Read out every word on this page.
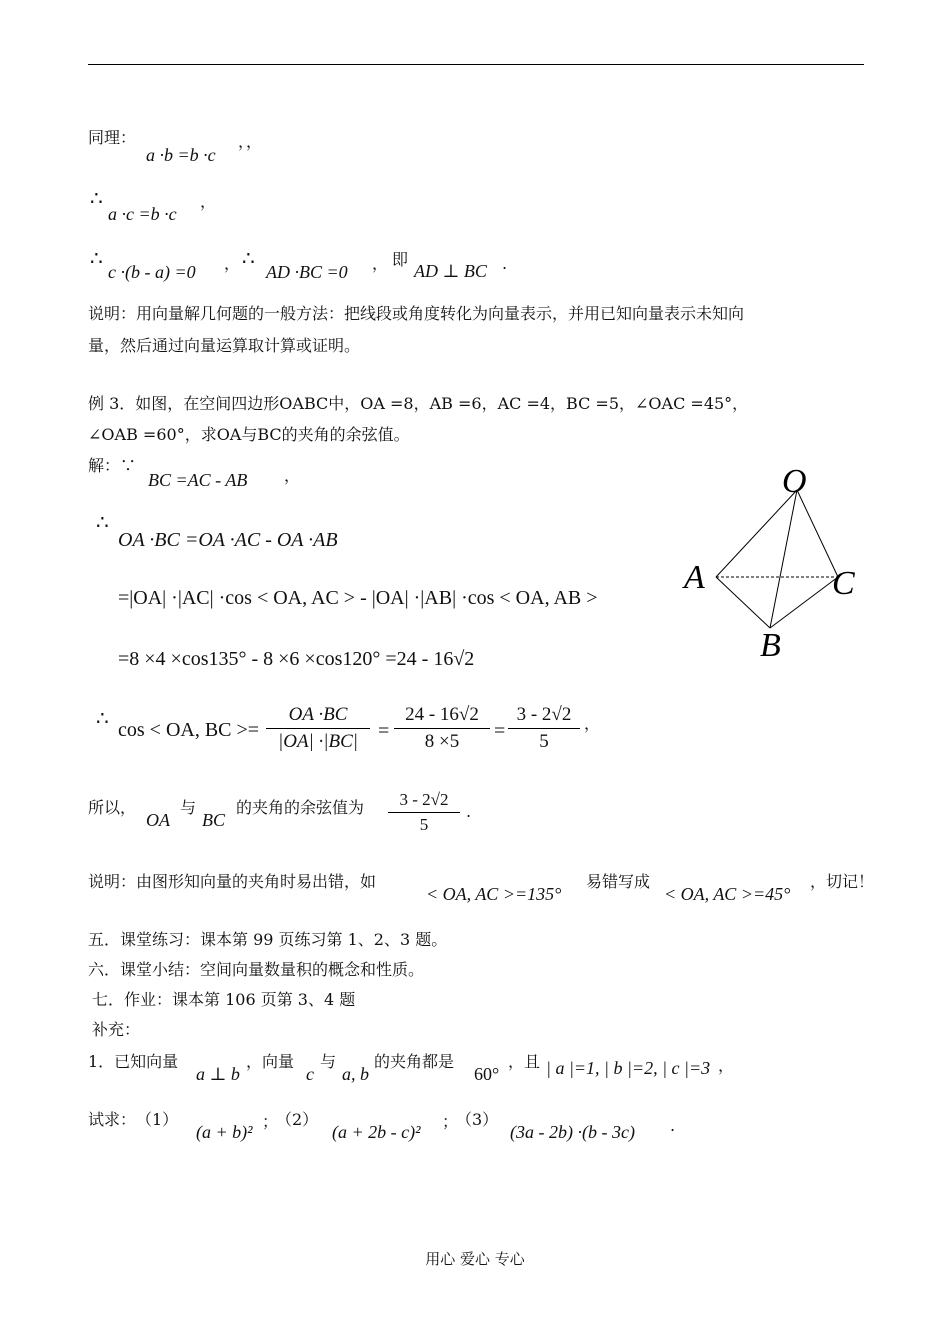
同理：
a ·b =b ·c
，，
∴
a ·c =b ·c
，
∴
c ·(b - a) =0 ， ∴
AD ·BC =0 ， 即
AD ⊥ BC .
说明：用向量解几何题的一般方法：把线段或角度转化为向量表示，并用已知向量表示未知向
量，然后通过向量运算取计算或证明。
例 3．如图，在空间四边形OABC中，OA =8，AB =6，AC =4，BC =5，∠OAC =45°，
∠OAB =60°，求OA与BC的夹角的余弦值。
解：∵
BC =AC - AB ，
∴
OA ·BC =OA ·AC - OA ·AB
=|OA| ·|AC| ·cos < OA, AC > - |OA| ·|AB| ·cos < OA, AB >
=8 ×4 ×cos135° - 8 ×6 ×cos120° =24 - 16√2
∴ cos < OA, BC >= $\frac{OA \cdot BC}{|OA| \cdot|BC|} = \frac{24 - 16√2}{8 \times 5} = \frac{3 - 2√2}{5}$ ，
O
A	C
B
所以，
OA
与
BC
的夹角的余弦值为 $\frac{3 - 2√2}{5}$ .
说明：由图形知向量的夹角时易出错，如
< OA, AC >=135°
易错写成
< OA, AC >=45°
，切记！
五．课堂练习：课本第 99 页练习第 1、2、3 题。
六．课堂小结：空间向量数量积的概念和性质。
七．作业：课本第 106 页第 3、4 题
补充：
1．已知向量
a ⊥ b
，向量
c
与
a, b
的夹角都是
60°
，且 | a |=1, | b |=2, | c |=3 ，
试求： （1）
(a + b)²
；
（2）
(a + 2b - c)²
；
（3）
(3a - 2b) ·(b - 3c) .
用心 爱心 专心
